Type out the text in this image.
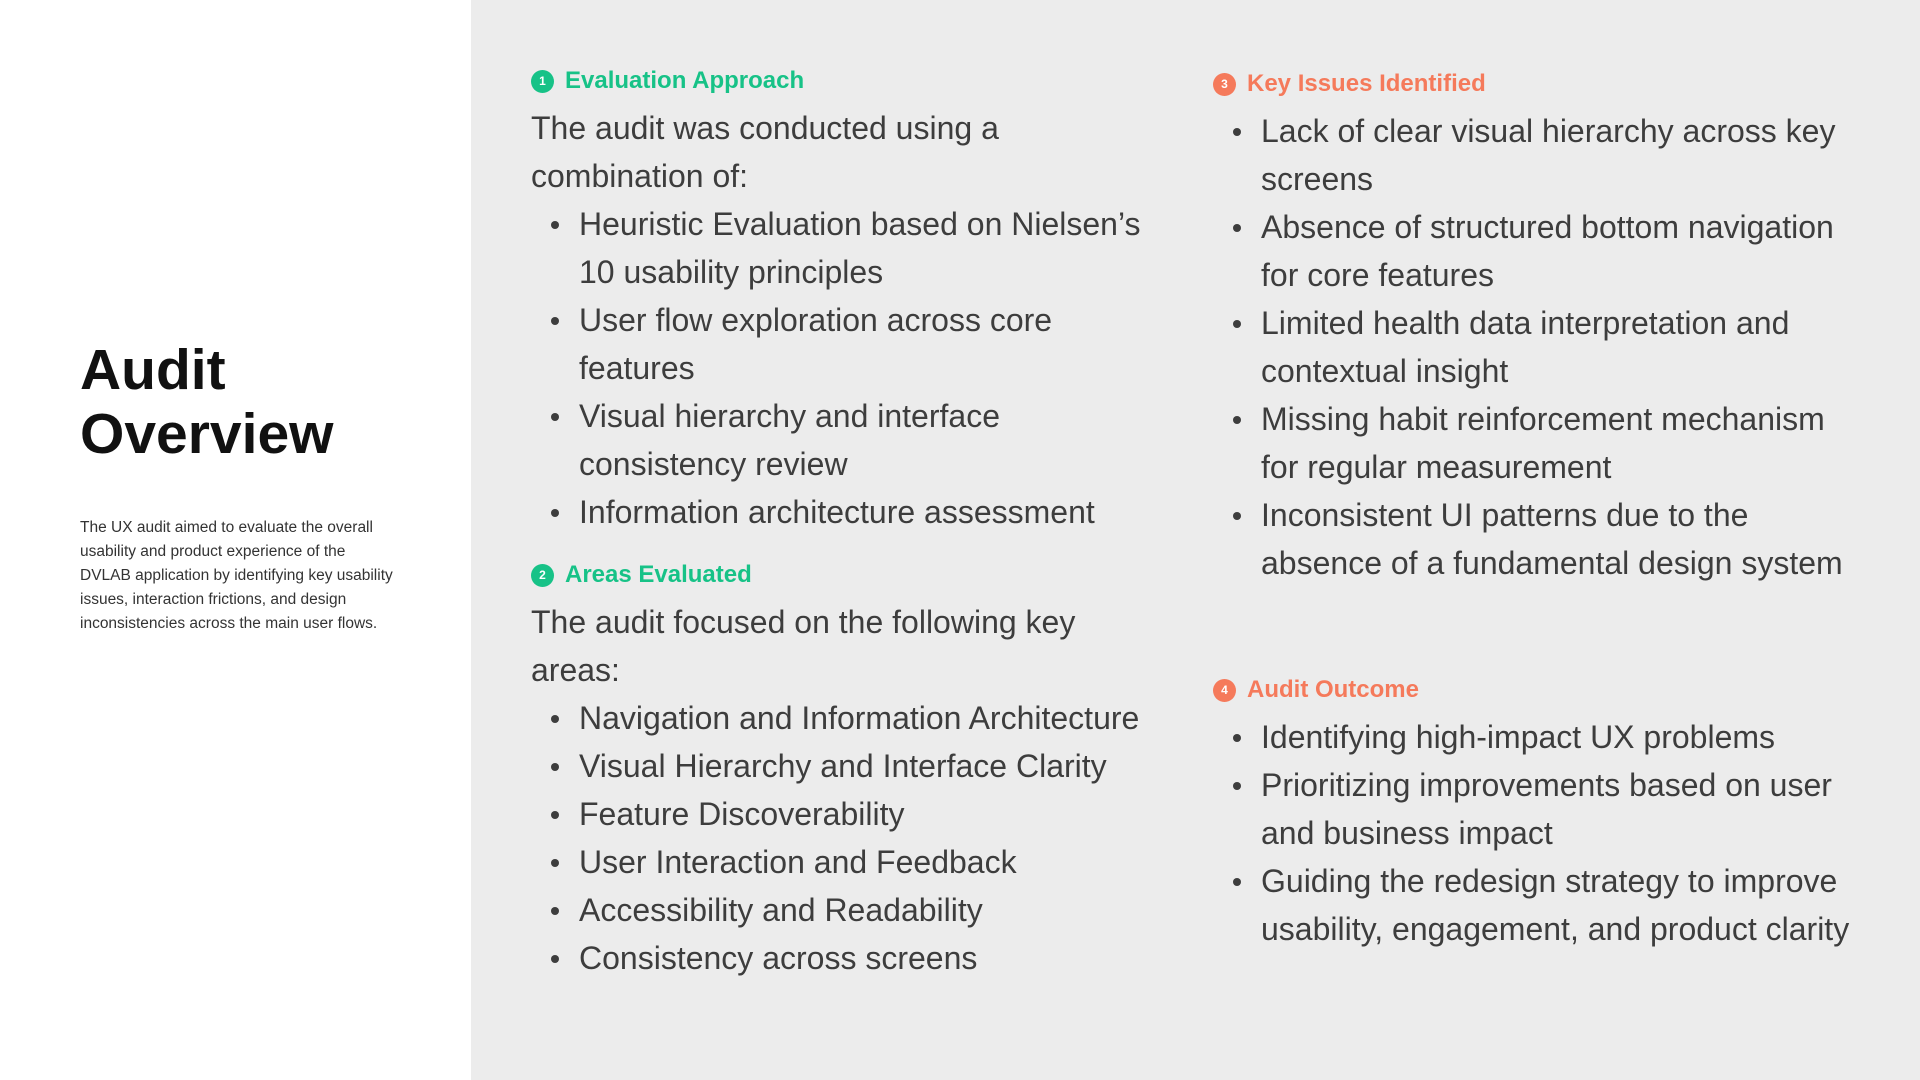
Audit
Overview

The UX audit aimed to evaluate the overall usability and product experience of the DVLAB application by identifying key usability issues, interaction frictions, and design inconsistencies across the main user flows.

1 Evaluation Approach

The audit was conducted using a combination of:

Heuristic Evaluation based on Nielsen’s 10 usability principles
User flow exploration across core features
Visual hierarchy and interface consistency review
Information architecture assessment
2 Areas Evaluated

The audit focused on the following key areas:

Navigation and Information Architecture
Visual Hierarchy and Interface Clarity
Feature Discoverability
User Interaction and Feedback
Accessibility and Readability
Consistency across screens
3 Key Issues Identified
Lack of clear visual hierarchy across key screens
Absence of structured bottom navigation for core features
Limited health data interpretation and contextual insight
Missing habit reinforcement mechanism for regular measurement
Inconsistent UI patterns due to the absence of a fundamental design system
4 Audit Outcome
Identifying high-impact UX problems
Prioritizing improvements based on user and business impact
Guiding the redesign strategy to improve usability, engagement, and product clarity
